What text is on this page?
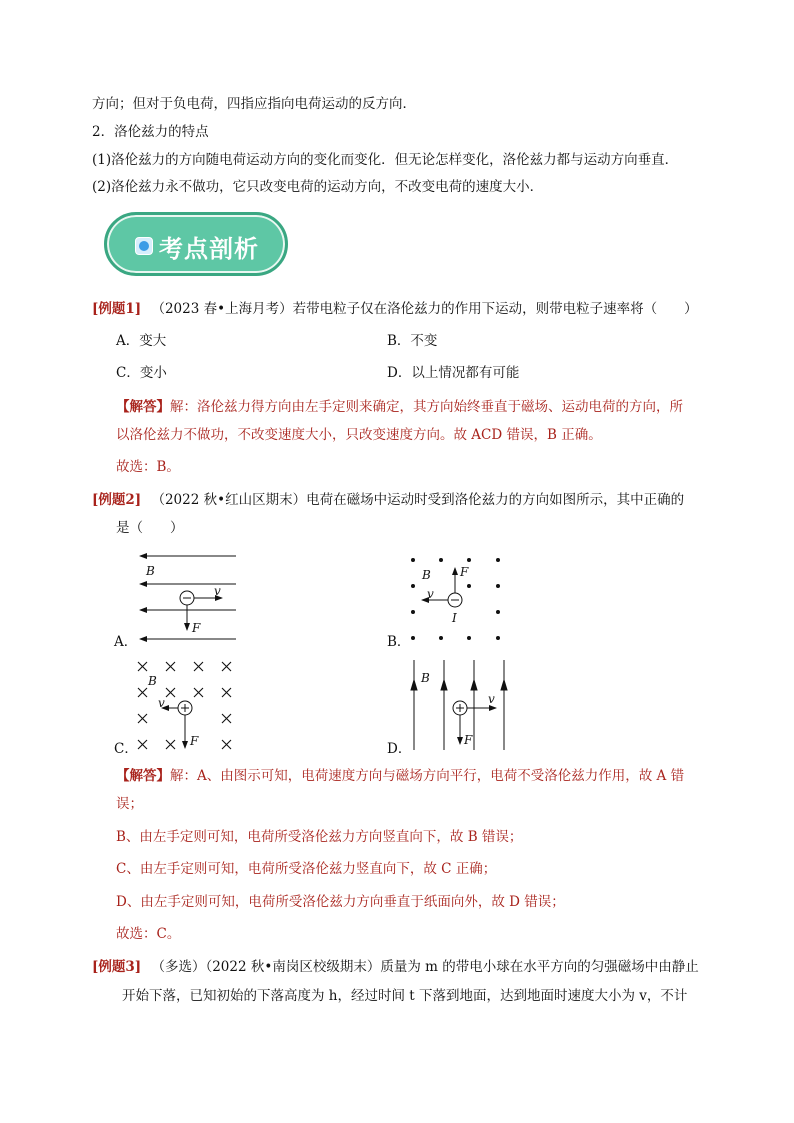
方向；但对于负电荷，四指应指向电荷运动的反方向．
2．洛伦兹力的特点
(1)洛伦兹力的方向随电荷运动方向的变化而变化．但无论怎样变化，洛伦兹力都与运动方向垂直．
(2)洛伦兹力永不做功，它只改变电荷的运动方向，不改变电荷的速度大小．
考点剖析
[例题1] （2023 春•上海月考）若带电粒子仅在洛伦兹力的作用下运动，则带电粒子速率将（　　）
A．变大	B．不变
C．变小	D．以上情况都有可能
【解答】解：洛伦兹力得方向由左手定则来确定，其方向始终垂直于磁场、运动电荷的方向，所
以洛伦兹力不做功，不改变速度大小，只改变速度方向。故 ACD 错误，B 正确。
故选：B。
[例题2] （2022 秋•红山区期末）电荷在磁场中运动时受到洛伦兹力的方向如图所示，其中正确的
是（　　）
A．
B
v
F
B．
B F
v
I
C．
B
v
F	D．
B
v
F
【解答】解：A、由图示可知，电荷速度方向与磁场方向平行，电荷不受洛伦兹力作用，故 A 错
误；
B、由左手定则可知，电荷所受洛伦兹力方向竖直向下，故 B 错误；
C、由左手定则可知，电荷所受洛伦兹力竖直向下，故 C 正确；
D、由左手定则可知，电荷所受洛伦兹力方向垂直于纸面向外，故 D 错误；
故选：C。
[例题3] （多选）（2022 秋•南岗区校级期末）质量为 m 的带电小球在水平方向的匀强磁场中由静止
开始下落，已知初始的下落高度为 h，经过时间 t 下落到地面，达到地面时速度大小为 v，不计
